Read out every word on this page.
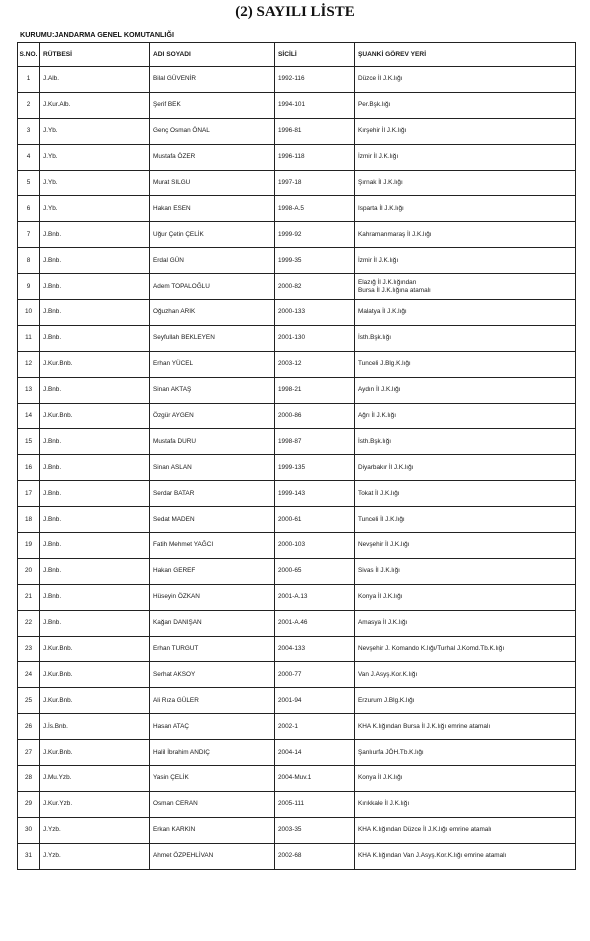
(2) SAYILI LİSTE
KURUMU:JANDARMA GENEL KOMUTANLIĞI
S.NO.	RÜTBESİ	ADI SOYADI	SİCİLİ	ŞUANKİ GÖREV YERİ
1	J.Alb.	Bilal GÜVENİR	1992-116	Düzce İl J.K.lığı
2	J.Kur.Alb.	Şerif BEK	1994-101	Per.Bşk.lığı
3	J.Yb.	Genç Osman ÖNAL	1996-81	Kırşehir İl J.K.lığı
4	J.Yb.	Mustafa ÖZER	1996-118	İzmir İl J.K.lığı
5	J.Yb.	Murat SILGU	1997-18	Şırnak İl J.K.lığı
6	J.Yb.	Hakan ESEN	1998-A.5	Isparta İl J.K.lığı
7	J.Bnb.	Uğur Çetin ÇELİK	1999-92	Kahramanmaraş İl J.K.lığı
8	J.Bnb.	Erdal GÜN	1999-35	İzmir İl J.K.lığı
9	J.Bnb.	Adem TOPALOĞLU	2000-82	Elazığ İl J.K.lığından
Bursa İl J.K.lığına atamalı
10	J.Bnb.	Oğuzhan ARIK	2000-133	Malatya İl J.K.lığı
11	J.Bnb.	Seyfullah BEKLEYEN	2001-130	İsth.Bşk.lığı
12	J.Kur.Bnb.	Erhan YÜCEL	2003-12	Tunceli J.Blg.K.lığı
13	J.Bnb.	Sinan AKTAŞ	1998-21	Aydın İl J.K.lığı
14	J.Kur.Bnb.	Özgür AYGEN	2000-86	Ağrı İl J.K.lığı
15	J.Bnb.	Mustafa DURU	1998-87	İsth.Bşk.lığı
16	J.Bnb.	Sinan ASLAN	1999-135	Diyarbakır İl J.K.lığı
17	J.Bnb.	Serdar BATAR	1999-143	Tokat İl J.K.lığı
18	J.Bnb.	Sedat MADEN	2000-61	Tunceli İl J.K.lığı
19	J.Bnb.	Fatih Mehmet YAĞCI	2000-103	Nevşehir İl J.K.lığı
20	J.Bnb.	Hakan GEREF	2000-65	Sivas İl J.K.lığı
21	J.Bnb.	Hüseyin ÖZKAN	2001-A.13	Konya İl J.K.lığı
22	J.Bnb.	Kağan DANIŞAN	2001-A.46	Amasya İl J.K.lığı
23	J.Kur.Bnb.	Erhan TURGUT	2004-133	Nevşehir J. Komando K.lığı/Turhal J.Komd.Tb.K.lığı
24	J.Kur.Bnb.	Serhat AKSOY	2000-77	Van J.Asyş.Kor.K.lığı
25	J.Kur.Bnb.	Ali Rıza GÜLER	2001-94	Erzurum J.Blg.K.lığı
26	J.İs.Bnb.	Hasan ATAÇ	2002-1	KHA K.lığından Bursa İl J.K.lığı emrine atamalı
27	J.Kur.Bnb.	Halil İbrahim ANDIÇ	2004-14	Şanlıurfa JÖH.Tb.K.lığı
28	J.Mu.Yzb.	Yasin ÇELİK	2004-Muv.1	Konya İl J.K.lığı
29	J.Kur.Yzb.	Osman CERAN	2005-111	Kırıkkale İl J.K.lığı
30	J.Yzb.	Erkan KARKIN	2003-35	KHA K.lığından Düzce İl J.K.lığı emrine atamalı
31	J.Yzb.	Ahmet ÖZPEHLİVAN	2002-68	KHA K.lığından Van J.Asyş.Kor.K.lığı emrine atamalı
